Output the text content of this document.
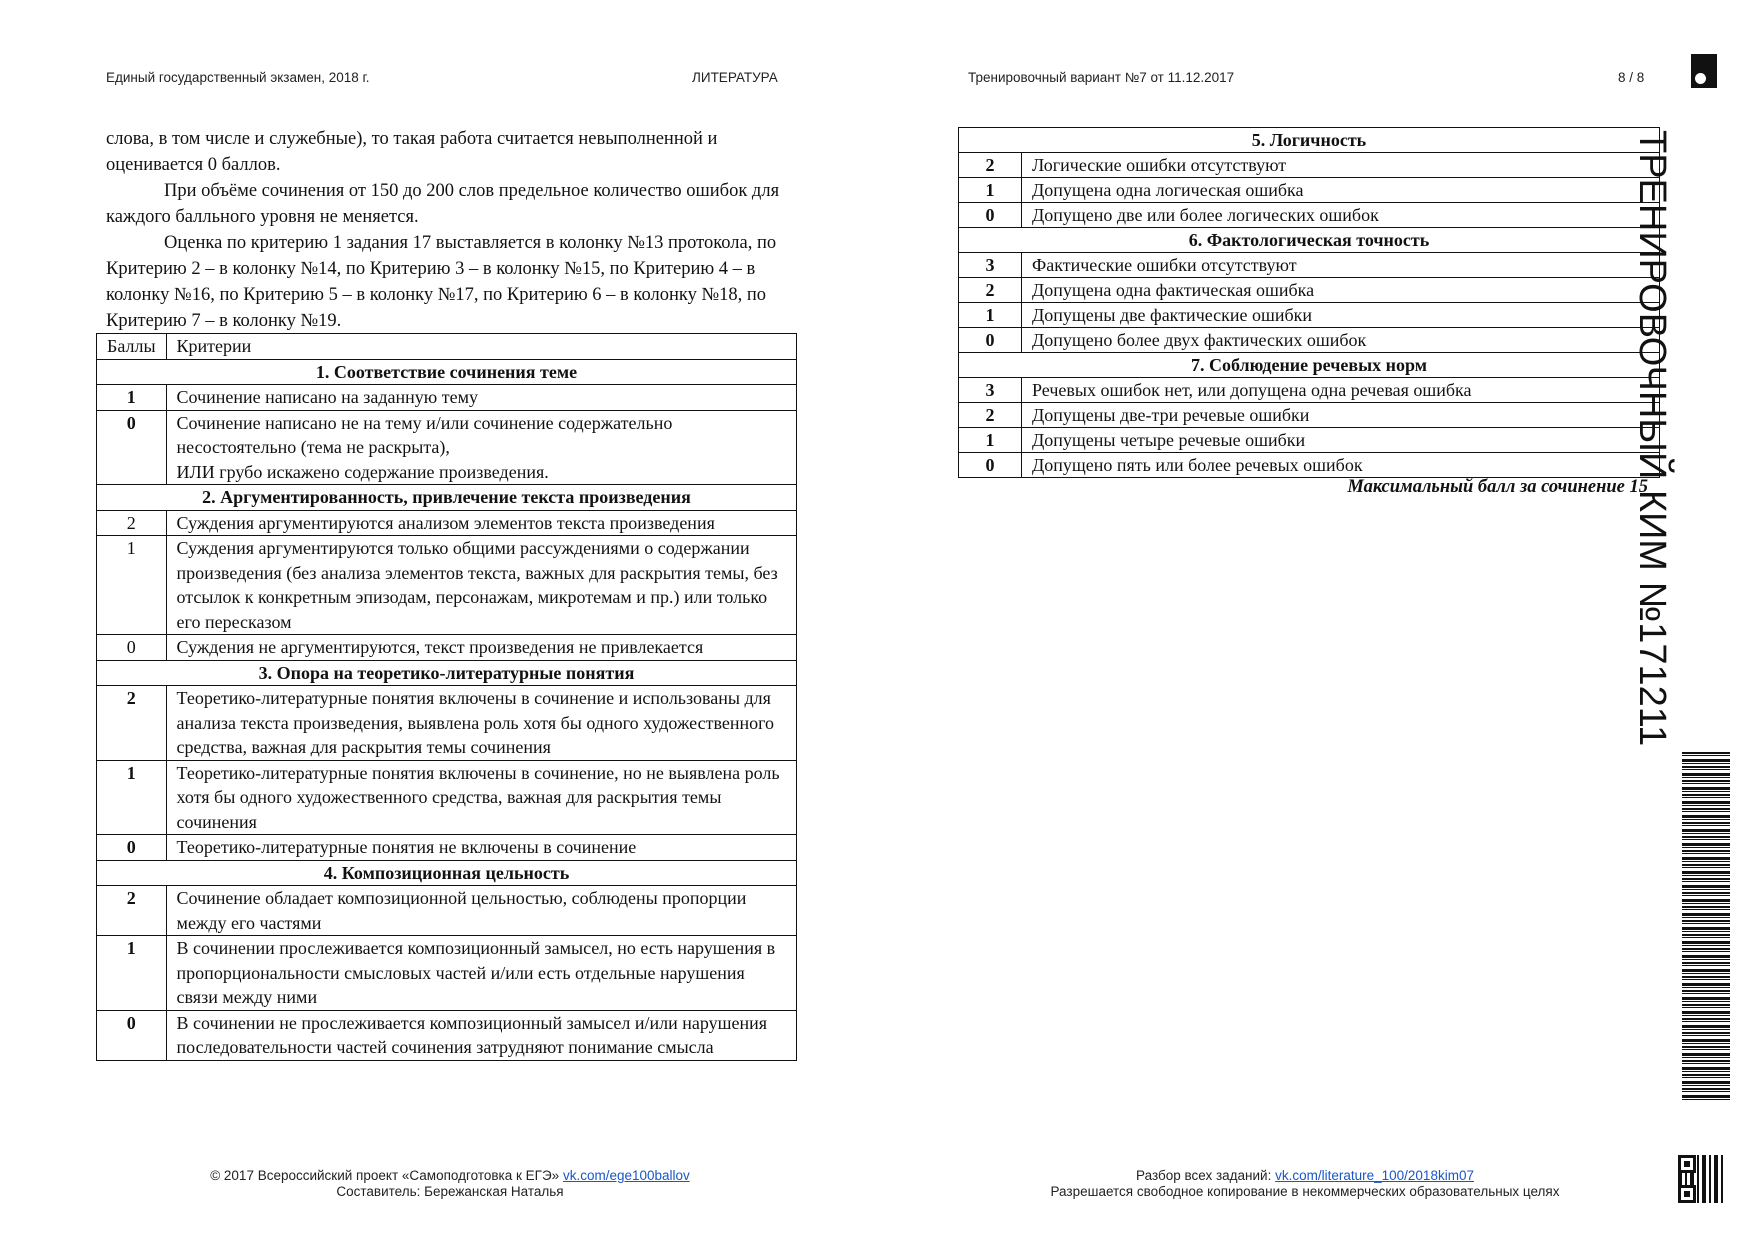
Единый государственный экзамен, 2018 г.	ЛИТЕРАТУРА	Тренировочный вариант №7 от 11.12.2017	8 / 8
ТРЕНИРОВОЧНЫЙ КИМ №171211

слова, в том числе и служебные), то такая работа считается невыполненной и оценивается 0 баллов.

При объёме сочинения от 150 до 200 слов предельное количество ошибок для каждого балльного уровня не меняется.

Оценка по критерию 1 задания 17 выставляется в колонку №13 протокола, по Критерию 2 – в колонку №14, по Критерию 3 – в колонку №15, по Критерию 4 – в колонку №16, по Критерию 5 – в колонку №17, по Критерию 6 – в колонку №18, по Критерию 7 – в колонку №19.

Баллы	Критерии
1. Соответствие сочинения теме	
1	Сочинение написано на заданную тему
0	Сочинение написано не на тему и/или сочинение содержательно несостоятельно (тема не раскрыта),
ИЛИ грубо искажено содержание произведения.
2. Аргументированность, привлечение текста произведения	
2	Суждения аргументируются анализом элементов текста произведения
1	Суждения аргументируются только общими рассуждениями о содержании произведения (без анализа элементов текста, важных для раскрытия темы, без отсылок к конкретным эпизодам, персонажам, микротемам и пр.) или только его пересказом
0	Суждения не аргументируются, текст произведения не привлекается
3. Опора на теоретико-литературные понятия	
2	Теоретико-литературные понятия включены в сочинение и использованы для анализа текста произведения, выявлена роль хотя бы одного художественного средства, важная для раскрытия темы сочинения
1	Теоретико-литературные понятия включены в сочинение, но не выявлена роль хотя бы одного художественного средства, важная для раскрытия темы сочинения
0	Теоретико-литературные понятия не включены в сочинение
4. Композиционная цельность	
2	Сочинение обладает композиционной цельностью, соблюдены пропорции между его частями
1	В сочинении прослеживается композиционный замысел, но есть нарушения в пропорциональности смысловых частей и/или есть отдельные нарушения связи между ними
0	В сочинении не прослеживается композиционный замысел и/или нарушения последовательности частей сочинения затрудняют понимание смысла
5. Логичность	
2	Логические ошибки отсутствуют
1	Допущена одна логическая ошибка
0	Допущено две или более логических ошибок
6. Фактологическая точность	
3	Фактические ошибки отсутствуют
2	Допущена одна фактическая ошибка
1	Допущены две фактические ошибки
0	Допущено более двух фактических ошибок
7. Соблюдение речевых норм	
3	Речевых ошибок нет, или допущена одна речевая ошибка
2	Допущены две-три речевые ошибки
1	Допущены четыре речевые ошибки
0	Допущено пять или более речевых ошибок
Максимальный балл за сочинение 15
© 2017 Всероссийский проект «Самоподготовка к ЕГЭ» vk.com/ege100ballov
Составитель: Бережанская Наталья
Разбор всех заданий: vk.com/literature_100/2018kim07
Разрешается свободное копирование в некоммерческих образовательных целях
